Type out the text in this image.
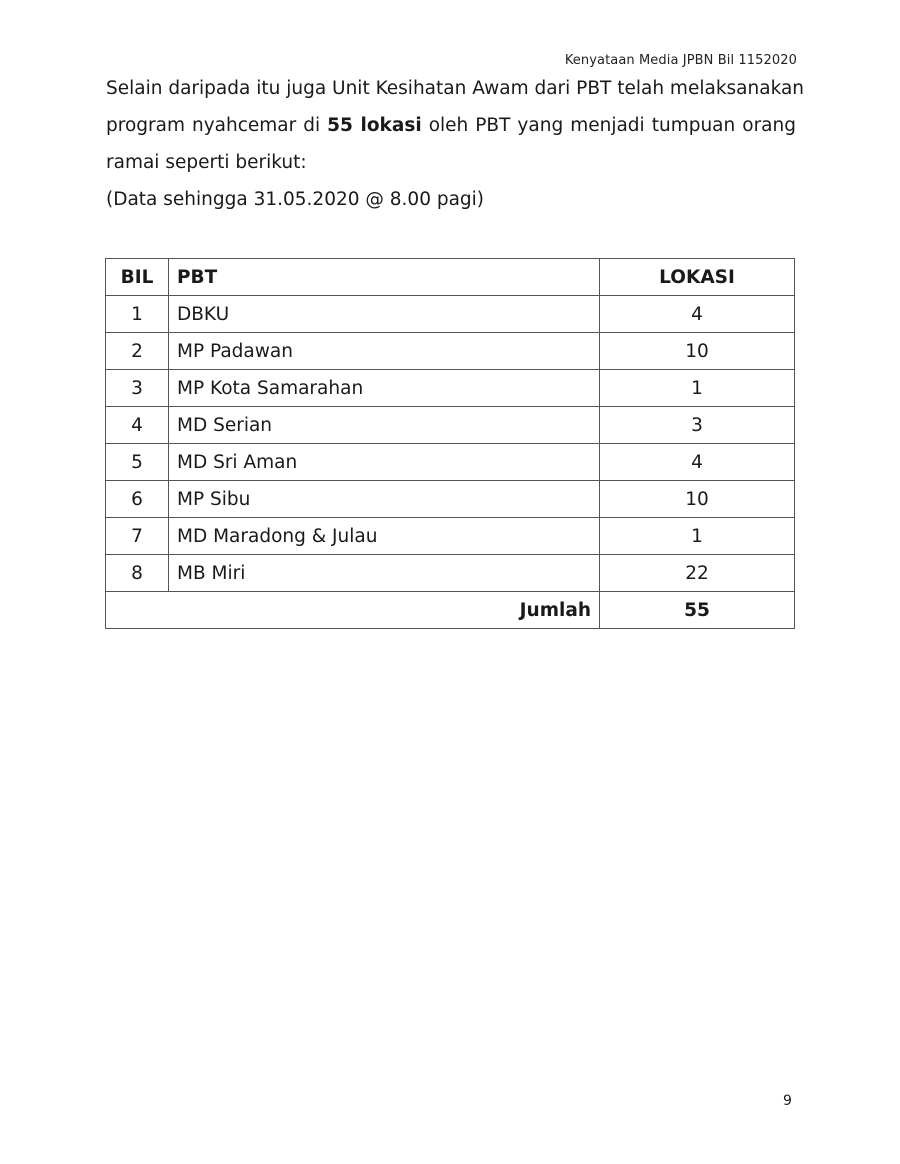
Kenyataan Media JPBN Bil 1152020
Selain daripada itu juga Unit Kesihatan Awam dari PBT telah melaksanakan
program nyahcemar di 55 lokasi oleh PBT yang menjadi tumpuan orang
ramai seperti berikut:
(Data sehingga 31.05.2020 @ 8.00 pagi)
BIL	PBT	LOKASI
1	DBKU	4
2	MP Padawan	10
3	MP Kota Samarahan	1
4	MD Serian	3
5	MD Sri Aman	4
6	MP Sibu	10
7	MD Maradong & Julau	1
8	MB Miri	22
Jumlah		55
9
